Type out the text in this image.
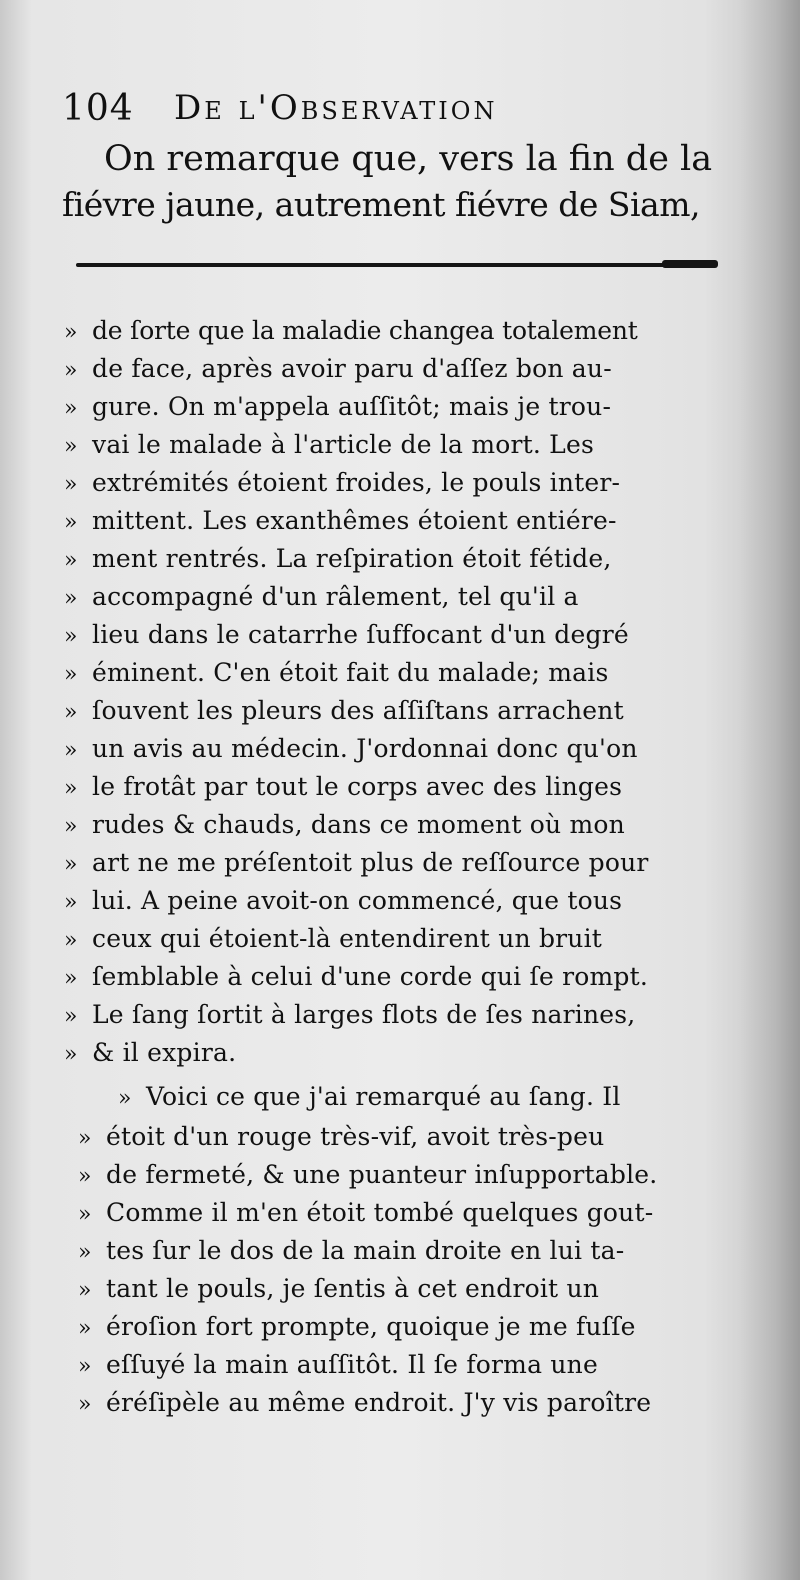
104 De l'Observation
On remarque que, vers la fin de la
fiévre jaune, autrement fiévre de Siam,
» de ſorte que la maladie changea totalement
» de face, après avoir paru d'aſſez bon au-
» gure. On m'appela auſſitôt; mais je trou-
» vai le malade à l'article de la mort. Les
» extrémités étoient froides, le pouls inter-
» mittent. Les exanthêmes étoient entiére-
» ment rentrés. La reſpiration étoit fétide,
» accompagné d'un râlement, tel qu'il a
» lieu dans le catarrhe ſuffocant d'un degré
» éminent. C'en étoit fait du malade; mais
» ſouvent les pleurs des aſſiſtans arrachent
» un avis au médecin. J'ordonnai donc qu'on
» le frotât par tout le corps avec des linges
» rudes & chauds, dans ce moment où mon
» art ne me préſentoit plus de reſſource pour
» lui. A peine avoit-on commencé, que tous
» ceux qui étoient-là entendirent un bruit
» ſemblable à celui d'une corde qui ſe rompt.
» Le ſang ſortit à larges flots de ſes narines,
» & il expira.
» Voici ce que j'ai remarqué au ſang. Il
» étoit d'un rouge très-vif, avoit très-peu
» de fermeté, & une puanteur inſupportable.
» Comme il m'en étoit tombé quelques gout-
» tes ſur le dos de la main droite en lui ta-
» tant le pouls, je ſentis à cet endroit un
» éroſion fort prompte, quoique je me fuſſe
» eſſuyé la main auſſitôt. Il ſe forma une
» éréſipèle au même endroit. J'y vis paroître
